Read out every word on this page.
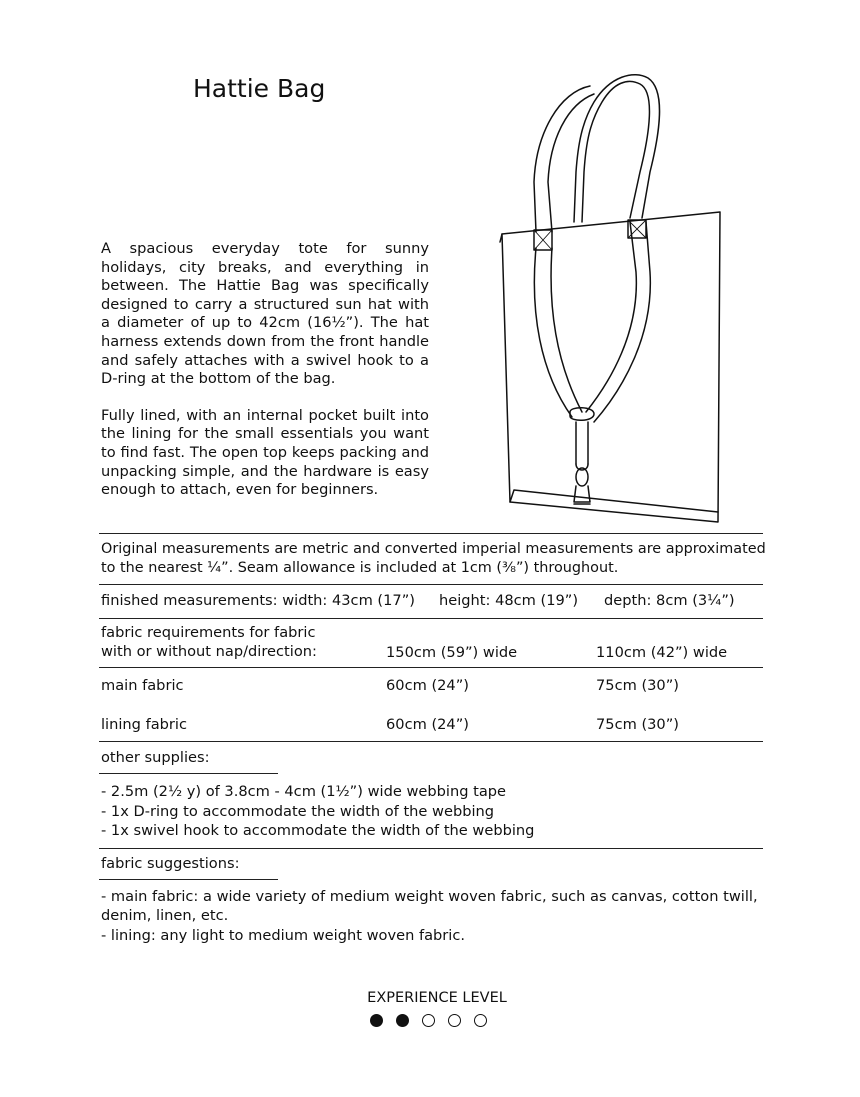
Hattie Bag

A spacious everyday tote for sunny holidays, city breaks, and everything in between. The Hattie Bag was specifically designed to carry a structured sun hat with a diameter of up to 42cm (16½”). The hat harness extends down from the front handle and safely attaches with a swivel hook to a D-ring at the bottom of the bag.

Fully lined, with an internal pocket built into the lining for the small essentials you want to find fast. The open top keeps packing and unpacking simple, and the hardware is easy enough to attach, even for beginners.

Original measurements are metric and converted imperial measurements are approximated
to the nearest ¼”. Seam allowance is included at 1cm (⅜”) throughout.
finished measurements: width: 43cm (17”) height: 48cm (19”) depth: 8cm (3¼”)
fabric requirements for fabric
with or without nap/direction:	150cm (59”) wide	110cm (42”) wide
main fabric	60cm (24”)	75cm (30”)
lining fabric	60cm (24”)	75cm (30”)
other supplies:
- 2.5m (2½ y) of 3.8cm - 4cm (1½”) wide webbing tape
- 1x D-ring to accommodate the width of the webbing
- 1x swivel hook to accommodate the width of the webbing
fabric suggestions:
- main fabric: a wide variety of medium weight woven fabric, such as canvas, cotton twill,
denim, linen, etc.
- lining: any light to medium weight woven fabric.
EXPERIENCE LEVEL
